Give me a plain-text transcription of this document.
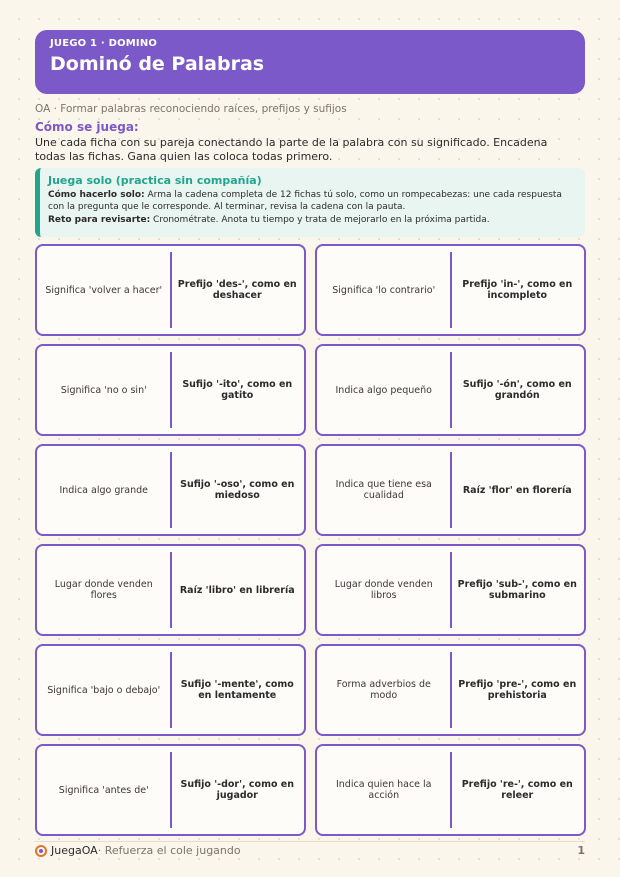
JUEGO 1 · DOMINO
Dominó de Palabras
OA · Formar palabras reconociendo raíces, prefijos y sufijos
Cómo se juega:
Une cada ficha con su pareja conectando la parte de la palabra con su significado. Encadena todas las fichas. Gana quien las coloca todas primero.
Juega solo (practica sin compañía)
Cómo hacerlo solo: Arma la cadena completa de 12 fichas tú solo, como un rompecabezas: une cada respuesta con la pregunta que le corresponde. Al terminar, revisa la cadena con la pauta.
Reto para revisarte: Cronométrate. Anota tu tiempo y trata de mejorarlo en la próxima partida.
Significa 'volver a hacer'	Prefijo 'des-', como en deshacer	Significa 'lo contrario'	Prefijo 'in-', como en incompleto
Significa 'no o sin'	Sufijo '-ito', como en gatito	Indica algo pequeño	Sufijo '-ón', como en grandón
Indica algo grande	Sufijo '-oso', como en miedoso
Indica que tiene esa cualidad	Raíz 'flor' en florería
Lugar donde venden flores	Raíz 'libro' en librería	Lugar donde venden libros
Prefijo 'sub-', como en submarino
Significa 'bajo o debajo'	Sufijo '-mente', como en lentamente
Forma adverbios de modo
Prefijo 'pre-', como en prehistoria
Significa 'antes de'	Sufijo '-dor', como en jugador
Indica quien hace la acción
Prefijo 're-', como en releer
JuegaOA · Refuerza el cole jugando	1
